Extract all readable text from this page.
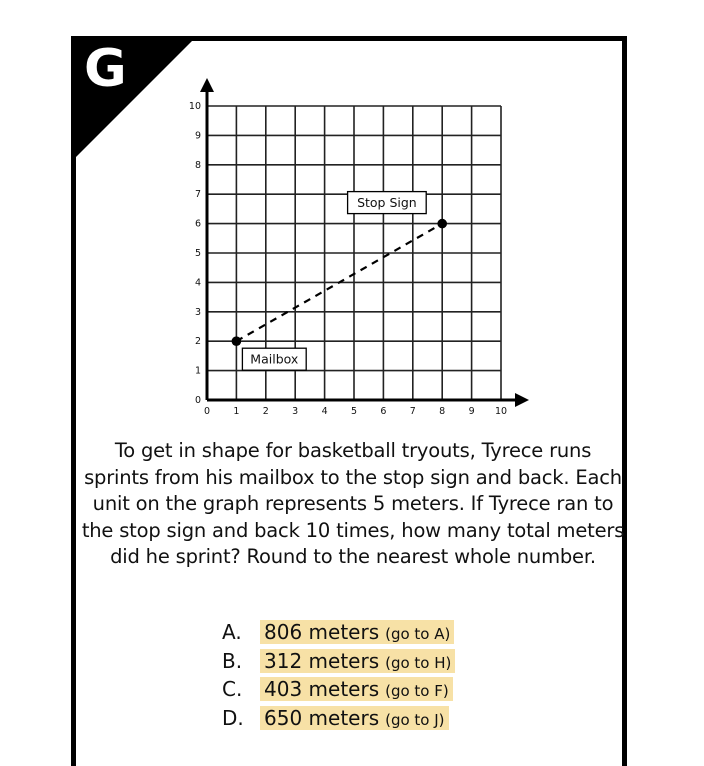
G
0 1 2 3 4 5 6 7 8 9 10
0
1
2
3
4
5
6
7
8
9
10
Mailbox
Stop Sign
To get in shape for basketball tryouts, Tyrece runs sprints from his mailbox to the stop sign and back. Each unit on the graph represents 5 meters. If Tyrece ran to the stop sign and back 10 times, how many total meters did he sprint? Round to the nearest whole number.
A.	806 meters (go to A)
B.	312 meters (go to H)
C.	403 meters (go to F)
D.	650 meters (go to J)
